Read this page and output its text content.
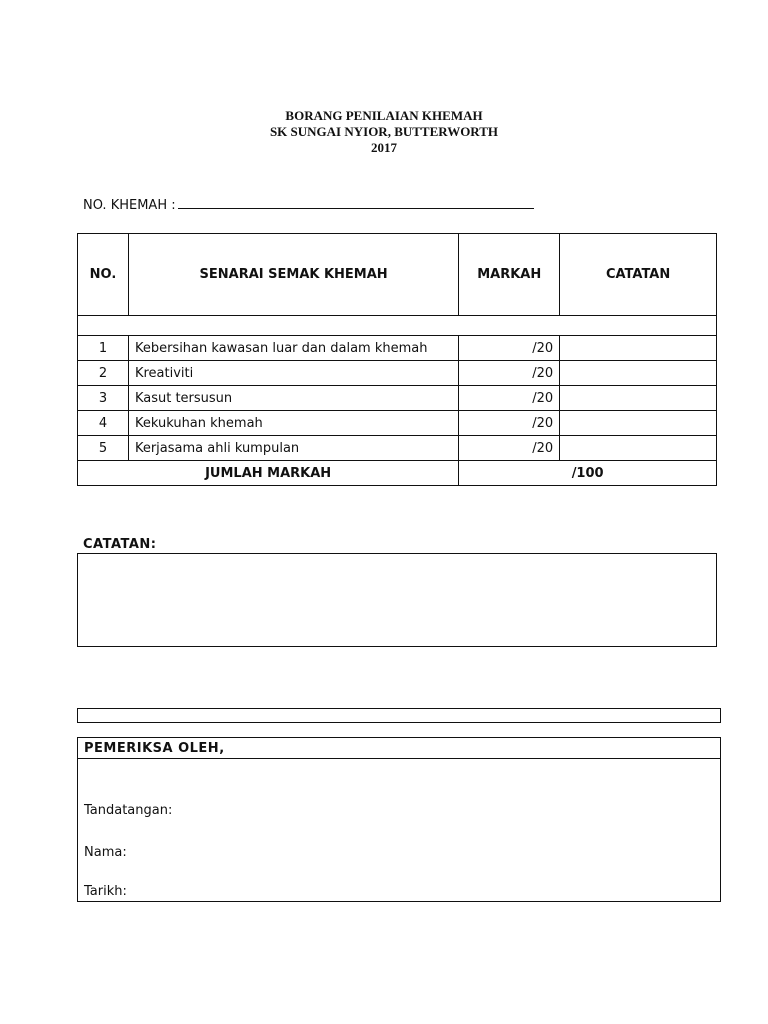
BORANG PENILAIAN KHEMAH
SK SUNGAI NYIOR, BUTTERWORTH
2017
NO. KHEMAH :
NO.	SENARAI SEMAK KHEMAH	MARKAH	CATATAN

1	Kebersihan kawasan luar dan dalam khemah	/20	
2	Kreativiti	/20	
3	Kasut tersusun	/20	
4	Kekukuhan khemah	/20	
5	Kerjasama ahli kumpulan	/20	
JUMLAH MARKAH		/100	
CATATAN:
PEMERIKSA OLEH,
Tandatangan:
Nama:
Tarikh:
